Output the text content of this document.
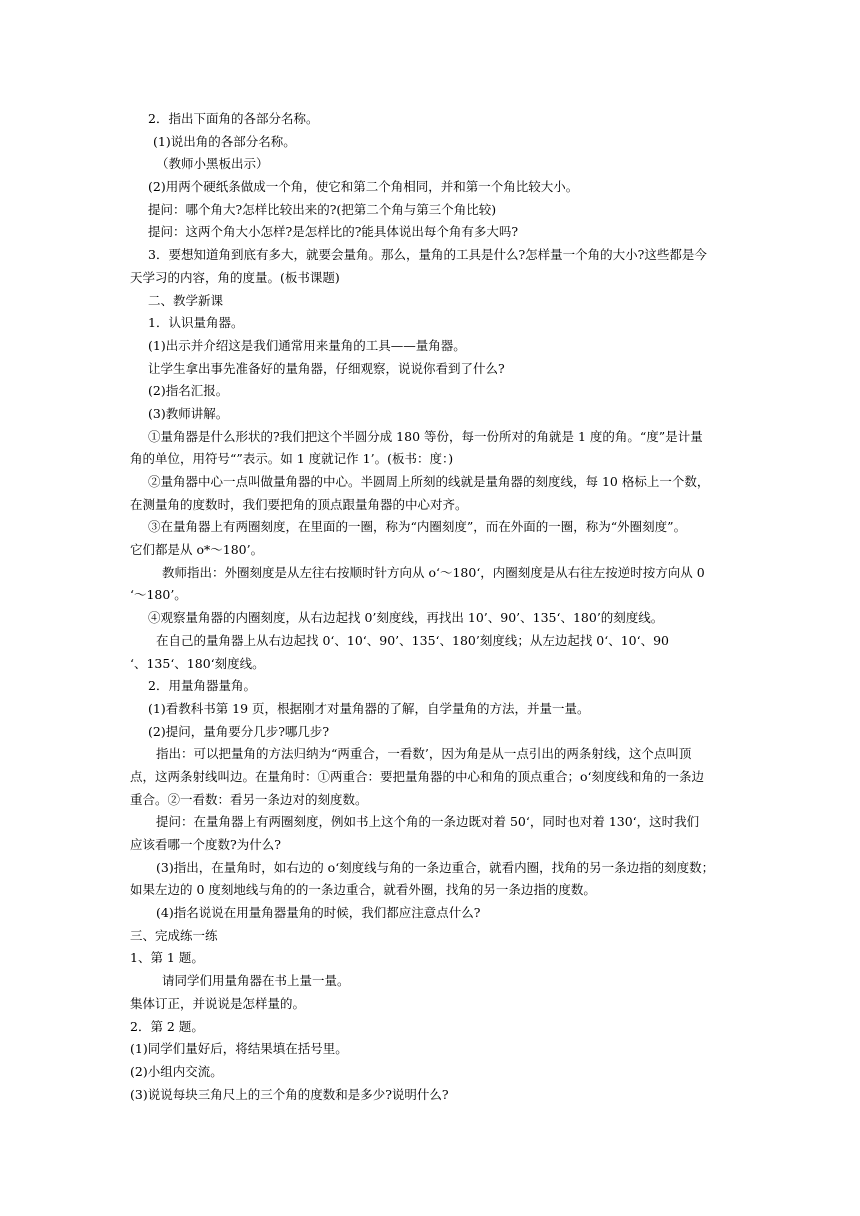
2．指出下面角的各部分名称。
(1)说出角的各部分名称。
（教师小黑板出示）
(2)用两个硬纸条做成一个角，使它和第二个角相同，并和第一个角比较大小。
提问：哪个角大?怎样比较出来的?(把第二个角与第三个角比较)
提问：这两个角大小怎样?是怎样比的?能具体说出每个角有多大吗?
3．要想知道角到底有多大，就要会量角。那么，量角的工具是什么?怎样量一个角的大小?这些都是今
天学习的内容，角的度量。(板书课题)
二、教学新课
1．认识量角器。
(1)出示并介绍这是我们通常用来量角的工具——量角器。
让学生拿出事先准备好的量角器，仔细观察，说说你看到了什么?
(2)指名汇报。
(3)教师讲解。
①量角器是什么形状的?我们把这个半圆分成 180 等份，每一份所对的角就是 1 度的角。“度”是计量
角的单位，用符号“”表示。如 1 度就记作 1’。(板书：度：)
②量角器中心一点叫做量角器的中心。半圆周上所刻的线就是量角器的刻度线，每 10 格标上一个数，
在测量角的度数时，我们要把角的顶点跟量角器的中心对齐。
③在量角器上有两圈刻度，在里面的一圈，称为“内圈刻度”，而在外面的一圈，称为“外圈刻度”。
它们都是从 o*～180’。
教师指出：外圈刻度是从左往右按顺时针方向从 o‘～180‘，内圈刻度是从右往左按逆时按方向从 0
‘～180’。
④观察量角器的内圈刻度，从右边起找 0’刻度线，再找出 10’、90’、135‘、180’的刻度线。
在自己的量角器上从右边起找 0‘、10‘、90’、135‘、180’刻度线；从左边起找 0‘、10‘、90
‘、135‘、180‘刻度线。
2．用量角器量角。
(1)看教科书第 19 页，根据刚才对量角器的了解，自学量角的方法，并量一量。
(2)提问，量角要分几步?哪几步?
指出：可以把量角的方法归纳为“两重合，一看数’，因为角是从一点引出的两条射线，这个点叫顶
点，这两条射线叫边。在量角时：①两重合：要把量角器的中心和角的顶点重合；o‘刻度线和角的一条边
重合。②一看数：看另一条边对的刻度数。
提问：在量角器上有两圈刻度，例如书上这个角的一条边既对着 50‘，同时也对着 130‘，这时我们
应该看哪一个度数?为什么?
(3)指出，在量角时，如右边的 o‘刻度线与角的一条边重合，就看内圈，找角的另一条边指的刻度数；
如果左边的 0 度刻地线与角的的一条边重合，就看外圈，找角的另一条边指的度数。
(4)指名说说在用量角器量角的时候，我们都应注意点什么?
三、完成练一练
1、第 1 题。
请同学们用量角器在书上量一量。
集体订正，并说说是怎样量的。
2．第 2 题。
(1)同学们量好后，将结果填在括号里。
(2)小组内交流。
(3)说说每块三角尺上的三个角的度数和是多少?说明什么?
